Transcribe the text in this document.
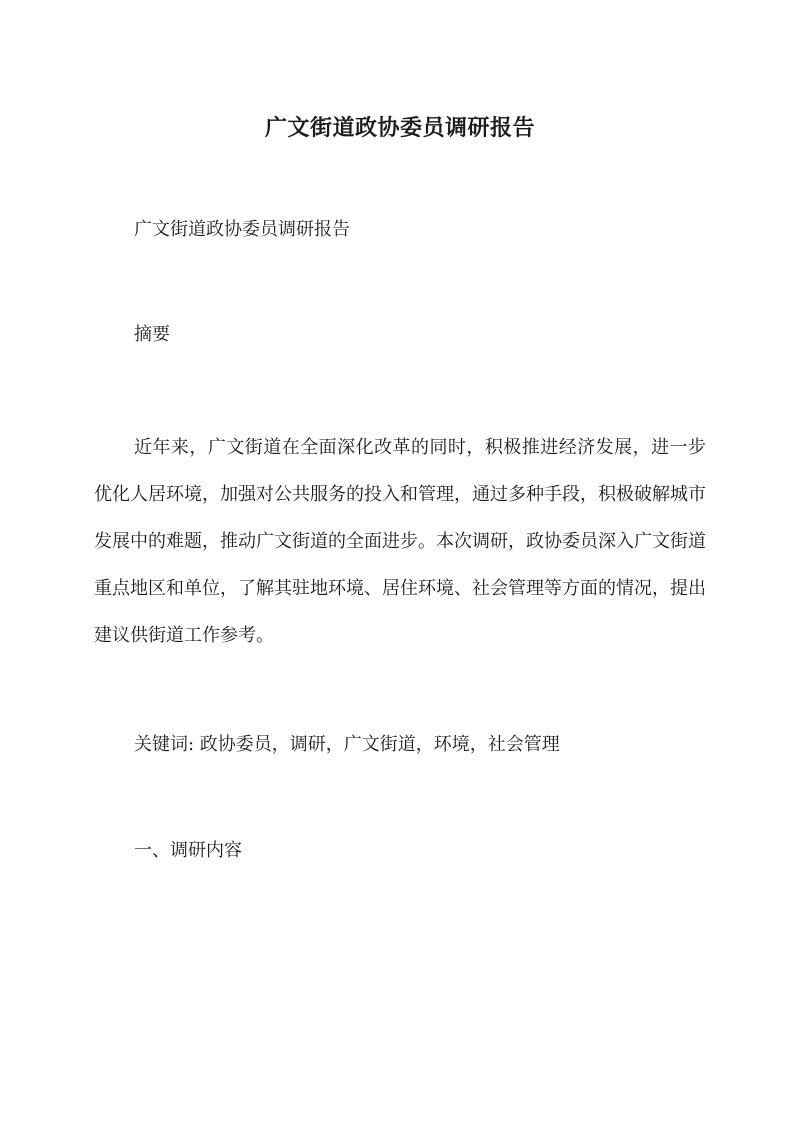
广文街道政协委员调研报告

广文街道政协委员调研报告

摘要

近年来，广文街道在全面深化改革的同时，积极推进经济发展，进一步优化人居环境，加强对公共服务的投入和管理，通过多种手段，积极破解城市发展中的难题，推动广文街道的全面进步。本次调研，政协委员深入广文街道重点地区和单位，了解其驻地环境、居住环境、社会管理等方面的情况，提出建议供街道工作参考。

关键词: 政协委员，调研，广文街道，环境，社会管理

一、调研内容
